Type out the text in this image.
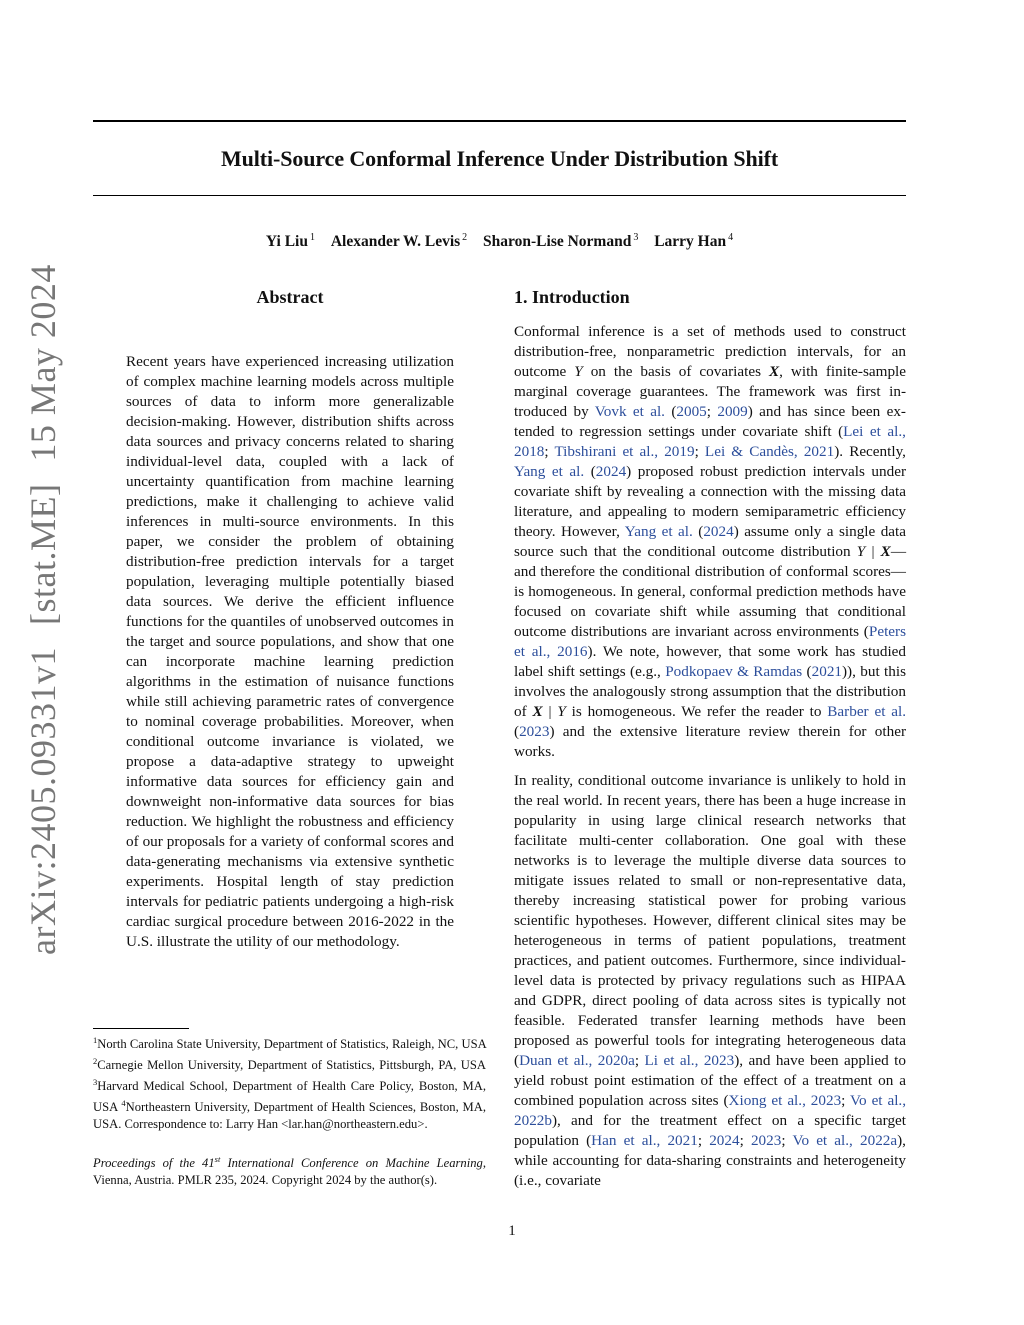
arXiv:2405.09331v1[stat.ME]15 May 2024
Multi-Source Conformal Inference Under Distribution Shift
Yi Liu $^1$ Alexander W. Levis $^2$ Sharon-Lise Normand $^3$ Larry Han $^4$
Abstract
Recent years have experienced increasing utilization of complex machine learning models across multiple sources of data to inform more generalizable decision-making. However, distribution shifts across data sources and privacy concerns related to sharing individual-level data, coupled with a lack of uncertainty quantification from machine learning predictions, make it challenging to achieve valid inferences in multi-source environments. In this paper, we consider the problem of obtaining distribution-free prediction intervals for a target population, leveraging multiple potentially biased data sources. We derive the efficient influence functions for the quantiles of unobserved outcomes in the target and source populations, and show that one can incorporate machine learning prediction algorithms in the estimation of nuisance functions while still achieving parametric rates of convergence to nominal coverage probabilities. Moreover, when conditional outcome invariance is violated, we propose a data-adaptive strategy to upweight informative data sources for efficiency gain and downweight non-informative data sources for bias reduction. We highlight the robustness and efficiency of our proposals for a variety of conformal scores and data-generating mechanisms via extensive synthetic experiments. Hospital length of stay prediction intervals for pediatric patients undergoing a high-risk cardiac surgical procedure between 2016-2022 in the U.S. illustrate the utility of our methodology.
$^1$North Carolina State University, Department of Statistics, Raleigh, NC, USA $^2$Carnegie Mellon University, Department of Statistics, Pittsburgh, PA, USA $^3$Harvard Medical School, Department of Health Care Policy, Boston, MA, USA $^4$Northeastern University, Department of Health Sciences, Boston, MA, USA. Correspondence to: Larry Han <lar.han@northeastern.edu>.
Proceedings of the 41st International Conference on Machine Learning, Vienna, Austria. PMLR 235, 2024. Copyright 2024 by the author(s).
1. Introduction

Conformal inference is a set of methods used to construct distribution-free, nonparametric prediction intervals, for an outcome Y on the basis of covariates X, with finite-sample marginal coverage guarantees. The framework was first introduced by Vovk et al. (2005; 2009) and has since been extended to regression settings under covariate shift (Lei et al., 2018; Tibshirani et al., 2019; Lei & Candès, 2021). Recently, Yang et al. (2024) proposed robust prediction intervals under covariate shift by revealing a connection with the missing data literature, and appealing to modern semiparametric efficiency theory. However, Yang et al. (2024) assume only a single data source such that the conditional outcome distribution Y | X—and therefore the conditional distribution of conformal scores—is homogeneous. In general, conformal prediction methods have focused on covariate shift while assuming that conditional outcome distributions are invariant across environments (Peters et al., 2016). We note, however, that some work has studied label shift settings (e.g., Podkopaev & Ramdas (2021)), but this involves the analogously strong assumption that the distribution of X | Y is homogeneous. We refer the reader to Barber et al. (2023) and the extensive literature review therein for other works.

In reality, conditional outcome invariance is unlikely to hold in the real world. In recent years, there has been a huge increase in popularity in using large clinical research networks that facilitate multi-center collaboration. One goal with these networks is to leverage the multiple diverse data sources to mitigate issues related to small or non-representative data, thereby increasing statistical power for probing various scientific hypotheses. However, different clinical sites may be heterogeneous in terms of patient populations, treatment practices, and patient outcomes. Furthermore, since individual-level data is protected by privacy regulations such as HIPAA and GDPR, direct pooling of data across sites is typically not feasible. Federated transfer learning methods have been proposed as powerful tools for integrating heterogeneous data (Duan et al., 2020a; Li et al., 2023), and have been applied to yield robust point estimation of the effect of a treatment on a combined population across sites (Xiong et al., 2023; Vo et al., 2022b), and for the treatment effect on a specific target population (Han et al., 2021; 2024; 2023; Vo et al., 2022a), while accounting for data-sharing constraints and heterogeneity (i.e., covariate

1
